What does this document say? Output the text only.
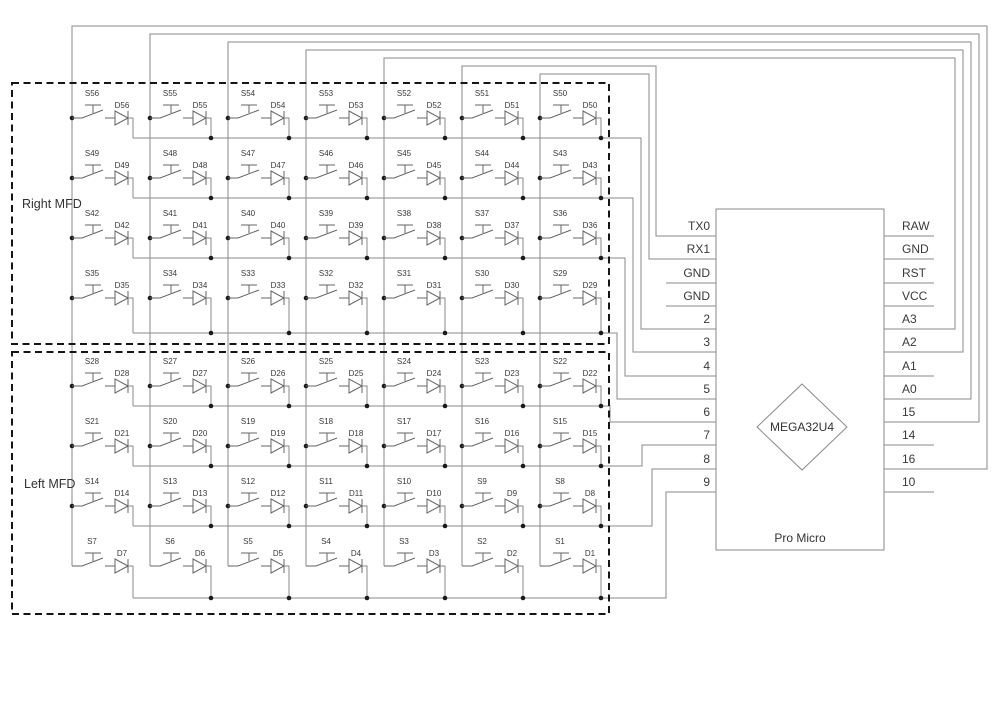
TX0
RX1
GND
GND
2
3
4
5
6
7
8
9
RAW
GND
RST
VCC
A3
A2
A1
A0
15
14
16
10
S56
D56
S55
D55
S54
D54
S53
D53
S52
D52
S51
D51
S50
D50
S49
D49
S48
D48
S47
D47
S46
D46
S45
D45
S44
D44
S43
D43
S42
D42
S41
D41
S40
D40
S39
D39
S38
D38
S37
D37
S36
D36
S35
D35
S34
D34
S33
D33
S32
D32
S31
D31
S30
D30
S29
D29
S28
D28
S27
D27
S26
D26
S25
D25
S24
D24
S23
D23
S22
D22
S21
D21
S20
D20
S19
D19
S18
D18
S17
D17
S16
D16
S15
D15
S14
D14
S13
D13
S12
D12
S11
D11
S10
D10
S9
D9
S8
D8
S7
D7
S6
D6
S5
D5
S4
D4
S3
D3
S2
D2
S1
D1
Right MFD
Left MFD
MEGA32U4
Pro Micro
